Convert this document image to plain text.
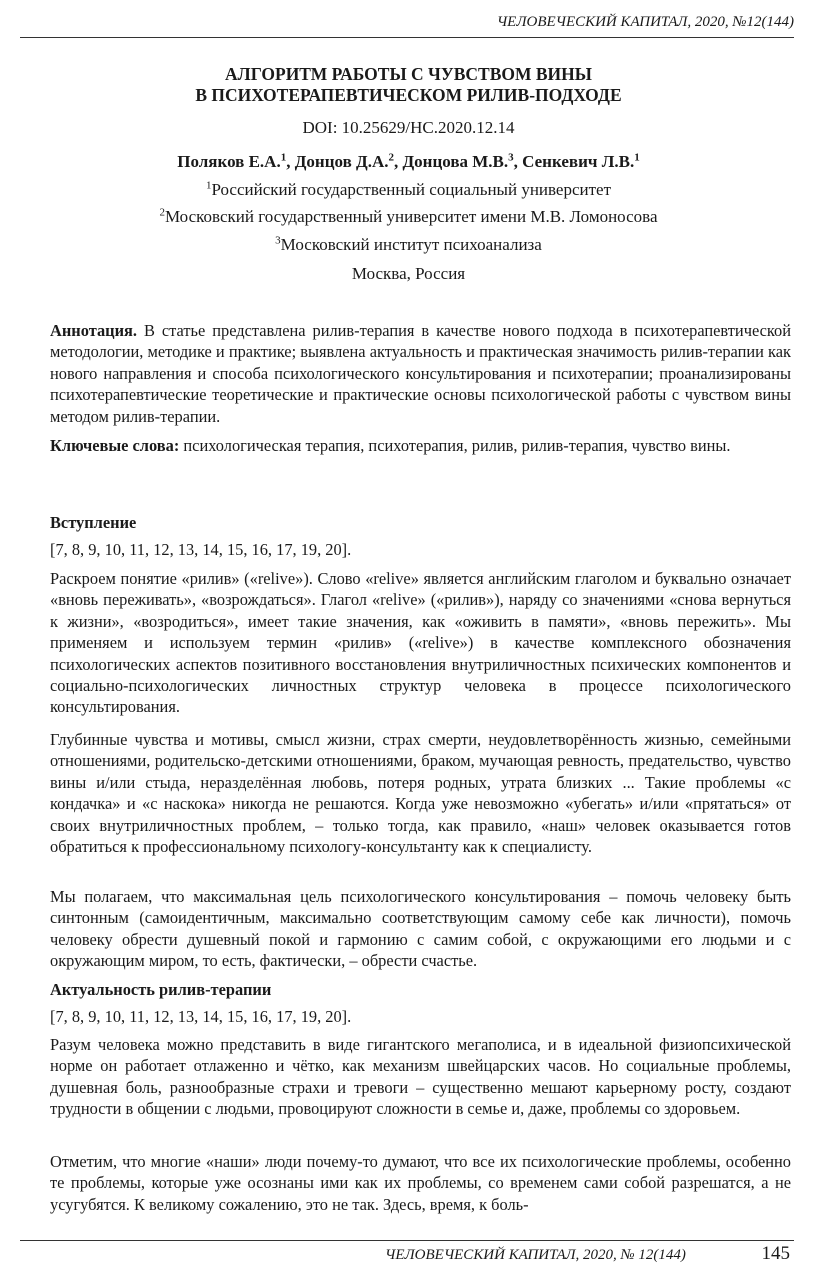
ЧЕЛОВЕЧЕСКИЙ КАПИТАЛ, 2020, №12(144)
АЛГОРИТМ РАБОТЫ С ЧУВСТВОМ ВИНЫ
В ПСИХОТЕРАПЕВТИЧЕСКОМ РИЛИВ-ПОДХОДЕ
DOI: 10.25629/HC.2020.12.14
Поляков Е.А.$^1$, Донцов Д.А.$^2$, Донцова М.В.$^3$, Сенкевич Л.В.$^1$
$^1$Российский государственный социальный университет
$^2$Московский государственный университет имени М.В. Ломоносова
$^3$Московский институт психоанализа
Москва, Россия
Аннотация. В статье представлена рилив-терапия в качестве нового подхода в психотерапевтической методологии, методике и практике; выявлена актуальность и практическая значимость рилив-терапии как нового направления и способа психологического консультирования и психотерапии; проанализированы психотерапевтические теоретические и практические основы психологической работы с чувством вины методом рилив-терапии.
Ключевые слова: психологическая терапия, психотерапия, рилив, рилив-терапия, чувство вины.
Вступление
[7, 8, 9, 10, 11, 12, 13, 14, 15, 16, 17, 19, 20].
Раскроем понятие «рилив» («relive»). Слово «relive» является английским глаголом и буквально означает «вновь переживать», «возрождаться». Глагол «relive» («рилив»), наряду со значениями «снова вернуться к жизни», «возродиться», имеет такие значения, как «оживить в памяти», «вновь пережить». Мы применяем и используем термин «рилив» («relive») в качестве комплексного обозначения психологических аспектов позитивного восстановления внутриличностных психических компонентов и социально-психологических личностных структур человека в процессе психологического консультирования.
Глубинные чувства и мотивы, смысл жизни, страх смерти, неудовлетворённость жизнью, семейными отношениями, родительско-детскими отношениями, браком, мучающая ревность, предательство, чувство вины и/или стыда, неразделённая любовь, потеря родных, утрата близких ... Такие проблемы «с кондачка» и «с наскока» никогда не решаются. Когда уже невозможно «убегать» и/или «прятаться» от своих внутриличностных проблем, – только тогда, как правило, «наш» человек оказывается готов обратиться к профессиональному психологу-консультанту как к специалисту.
Мы полагаем, что максимальная цель психологического консультирования – помочь человеку быть синтонным (самоидентичным, максимально соответствующим самому себе как личности), помочь человеку обрести душевный покой и гармонию с самим собой, с окружающими его людьми и с окружающим миром, то есть, фактически, – обрести счастье.
Актуальность рилив-терапии
[7, 8, 9, 10, 11, 12, 13, 14, 15, 16, 17, 19, 20].
Разум человека можно представить в виде гигантского мегаполиса, и в идеальной физиопсихической норме он работает отлаженно и чётко, как механизм швейцарских часов. Но социальные проблемы, душевная боль, разнообразные страхи и тревоги – существенно мешают карьерному росту, создают трудности в общении с людьми, провоцируют сложности в семье и, даже, проблемы со здоровьем.
Отметим, что многие «наши» люди почему-то думают, что все их психологические проблемы, особенно те проблемы, которые уже осознаны ими как их проблемы, со временем сами собой разрешатся, а не усугубятся. К великому сожалению, это не так. Здесь, время, к боль-
ЧЕЛОВЕЧЕСКИЙ КАПИТАЛ, 2020, № 12(144)	145
